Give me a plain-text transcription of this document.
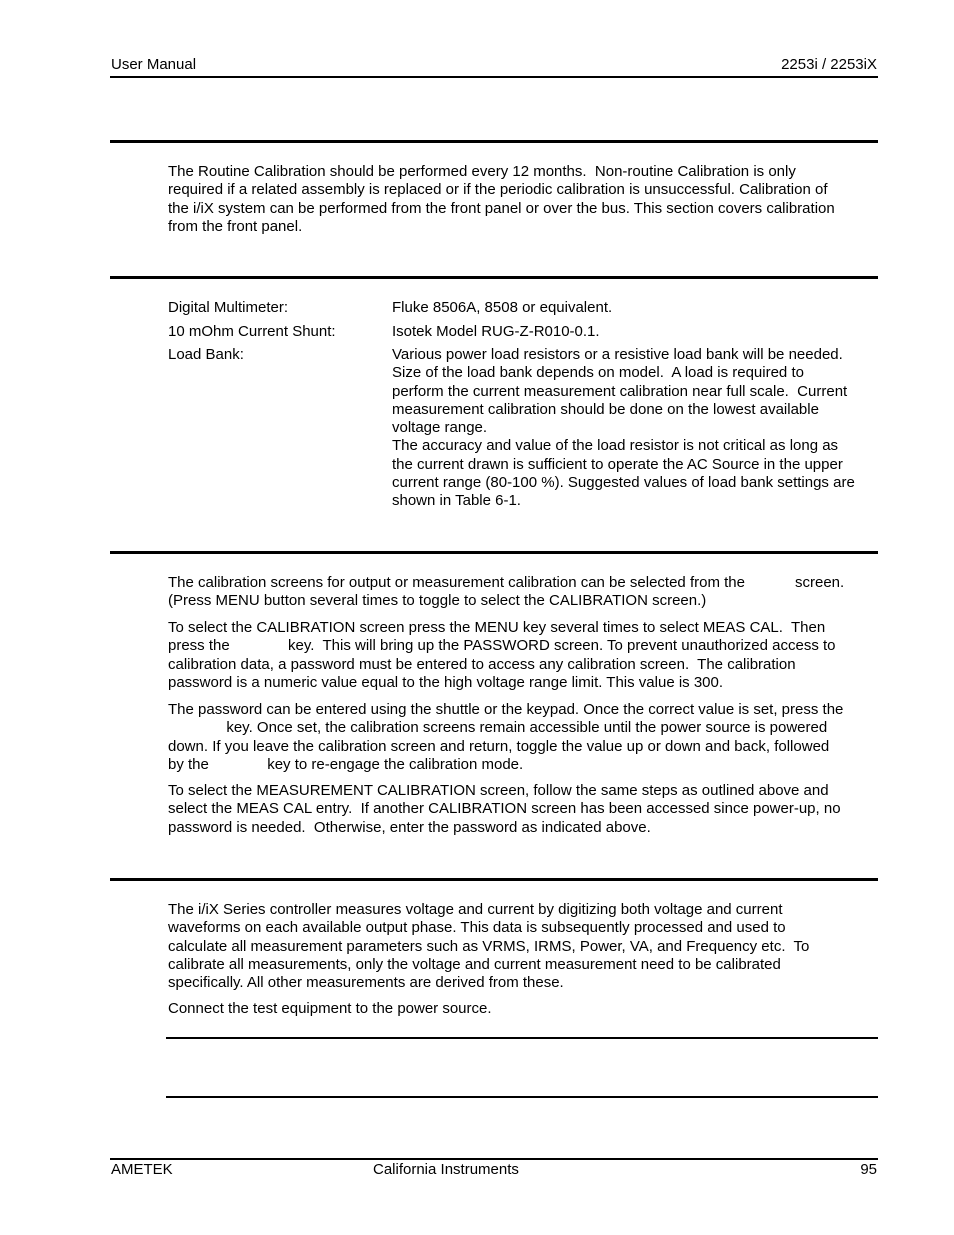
User Manual	2253i / 2253iX

The Routine Calibration should be performed every 12 months.  Non-routine Calibration is only
required if a related assembly is replaced or if the periodic calibration is unsuccessful. Calibration of
the i/iX system can be performed from the front panel or over the bus. This section covers calibration
from the front panel.

Digital Multimeter:	Fluke 8506A, 8508 or equivalent.
10 mOhm Current Shunt:	Isotek Model RUG-Z-R010-0.1.
Load Bank:	Various power load resistors or a resistive load bank will be needed.
Size of the load bank depends on model.  A load is required to
perform the current measurement calibration near full scale.  Current
measurement calibration should be done on the lowest available
voltage range.
The accuracy and value of the load resistor is not critical as long as
the current drawn is sufficient to operate the AC Source in the upper
current range (80-100 %). Suggested values of load bank settings are
shown in Table 6-1.

The calibration screens for output or measurement calibration can be selected from the            screen.
(Press MENU button several times to toggle to select the CALIBRATION screen.)

To select the CALIBRATION screen press the MENU key several times to select MEAS CAL.  Then
press the              key.  This will bring up the PASSWORD screen. To prevent unauthorized access to
calibration data, a password must be entered to access any calibration screen.  The calibration
password is a numeric value equal to the high voltage range limit. This value is 300.

The password can be entered using the shuttle or the keypad. Once the correct value is set, press the
key. Once set, the calibration screens remain accessible until the power source is powered
down. If you leave the calibration screen and return, toggle the value up or down and back, followed
by the              key to re-engage the calibration mode.

To select the MEASUREMENT CALIBRATION screen, follow the same steps as outlined above and
select the MEAS CAL entry.  If another CALIBRATION screen has been accessed since power-up, no
password is needed.  Otherwise, enter the password as indicated above.

The i/iX Series controller measures voltage and current by digitizing both voltage and current
waveforms on each available output phase. This data is subsequently processed and used to
calculate all measurement parameters such as VRMS, IRMS, Power, VA, and Frequency etc.  To
calibrate all measurements, only the voltage and current measurement need to be calibrated
specifically. All other measurements are derived from these.

Connect the test equipment to the power source.

AMETEK	California Instruments	95
